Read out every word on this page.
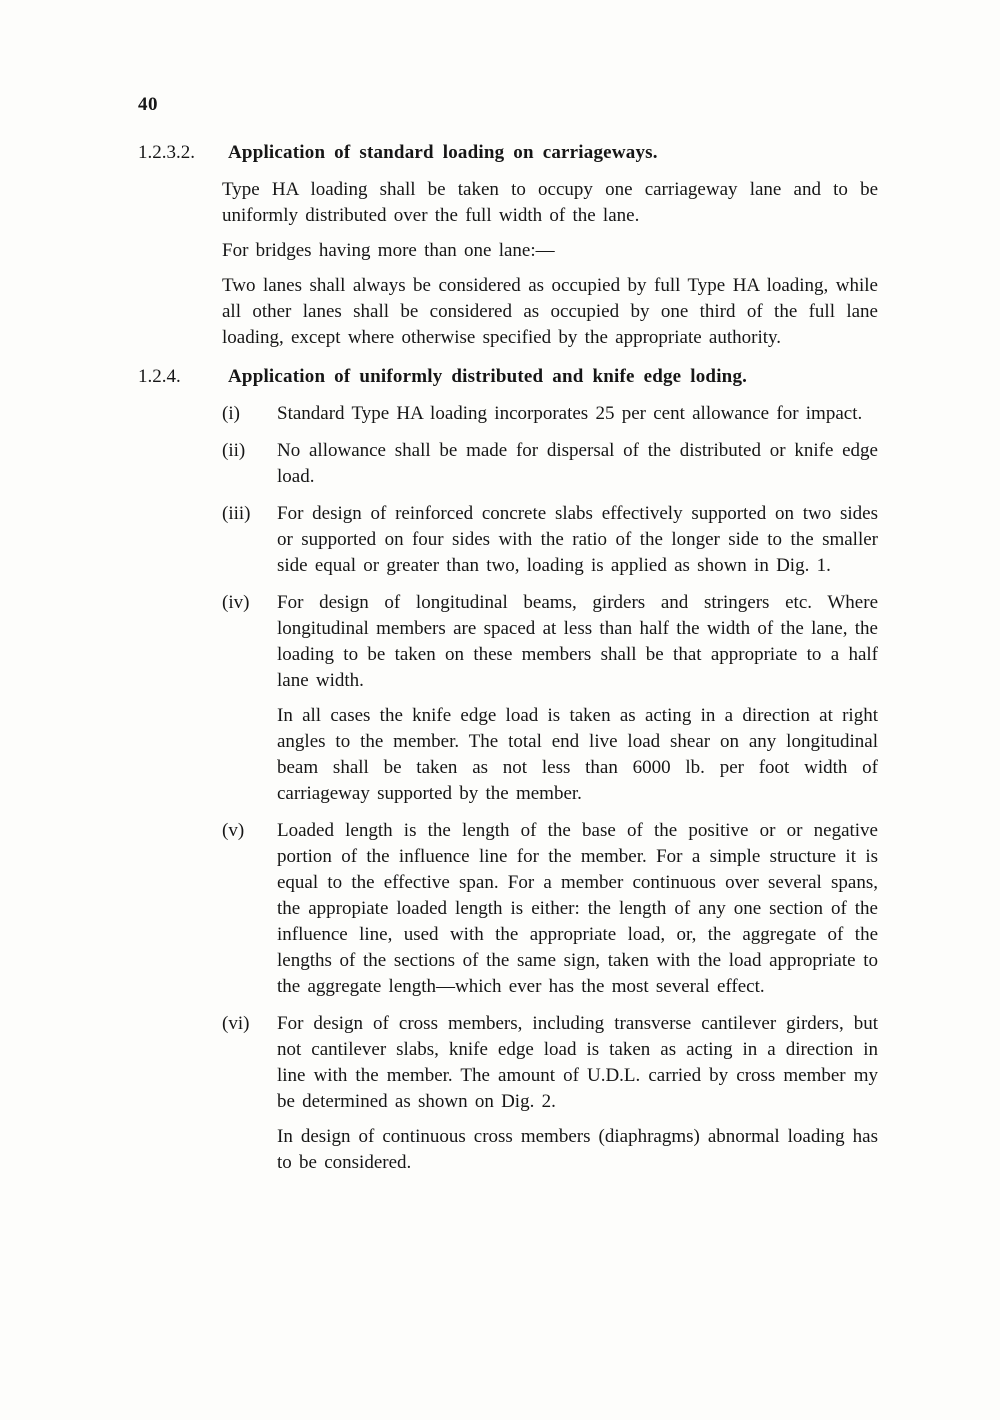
40
1.2.3.2.	Application of standard loading on carriageways.

Type HA loading shall be taken to occupy one carriageway lane and to be uniformly distributed over the full width of the lane.

For bridges having more than one lane:—

Two lanes shall always be considered as occupied by full Type HA loading, while all other lanes shall be considered as occupied by one third of the full lane loading, except where otherwise specified by the appropriate authority.

1.2.4.	Application of uniformly distributed and knife edge loding.
(i)	Standard Type HA loading incorporates 25 per cent allowance for impact.

(ii)	No allowance shall be made for dispersal of the distributed or knife edge load.

(iii)	For design of reinforced concrete slabs effectively supported on two sides or supported on four sides with the ratio of the longer side to the smaller side equal or greater than two, loading is applied as shown in Dig. 1.

(iv)	For design of longitudinal beams, girders and stringers etc. Where longitudinal members are spaced at less than half the width of the lane, the loading to be taken on these members shall be that appropriate to a half lane width.

In all cases the knife edge load is taken as acting in a direction at right angles to the member. The total end live load shear on any longitudinal beam shall be taken as not less than 6000 lb. per foot width of carriageway supported by the member.

(v)	Loaded length is the length of the base of the positive or or negative portion of the influence line for the member. For a simple structure it is equal to the effective span. For a member continuous over several spans, the appropiate loaded length is either: the length of any one section of the influence line, used with the appropriate load, or, the aggregate of the lengths of the sections of the same sign, taken with the load appropriate to the aggregate length—which ever has the most several effect.

(vi)	For design of cross members, including transverse cantilever girders, but not cantilever slabs, knife edge load is taken as acting in a direction in line with the member. The amount of U.D.L. carried by cross member my be determined as shown on Dig. 2.

In design of continuous cross members (diaphragms) abnormal loading has to be considered.
